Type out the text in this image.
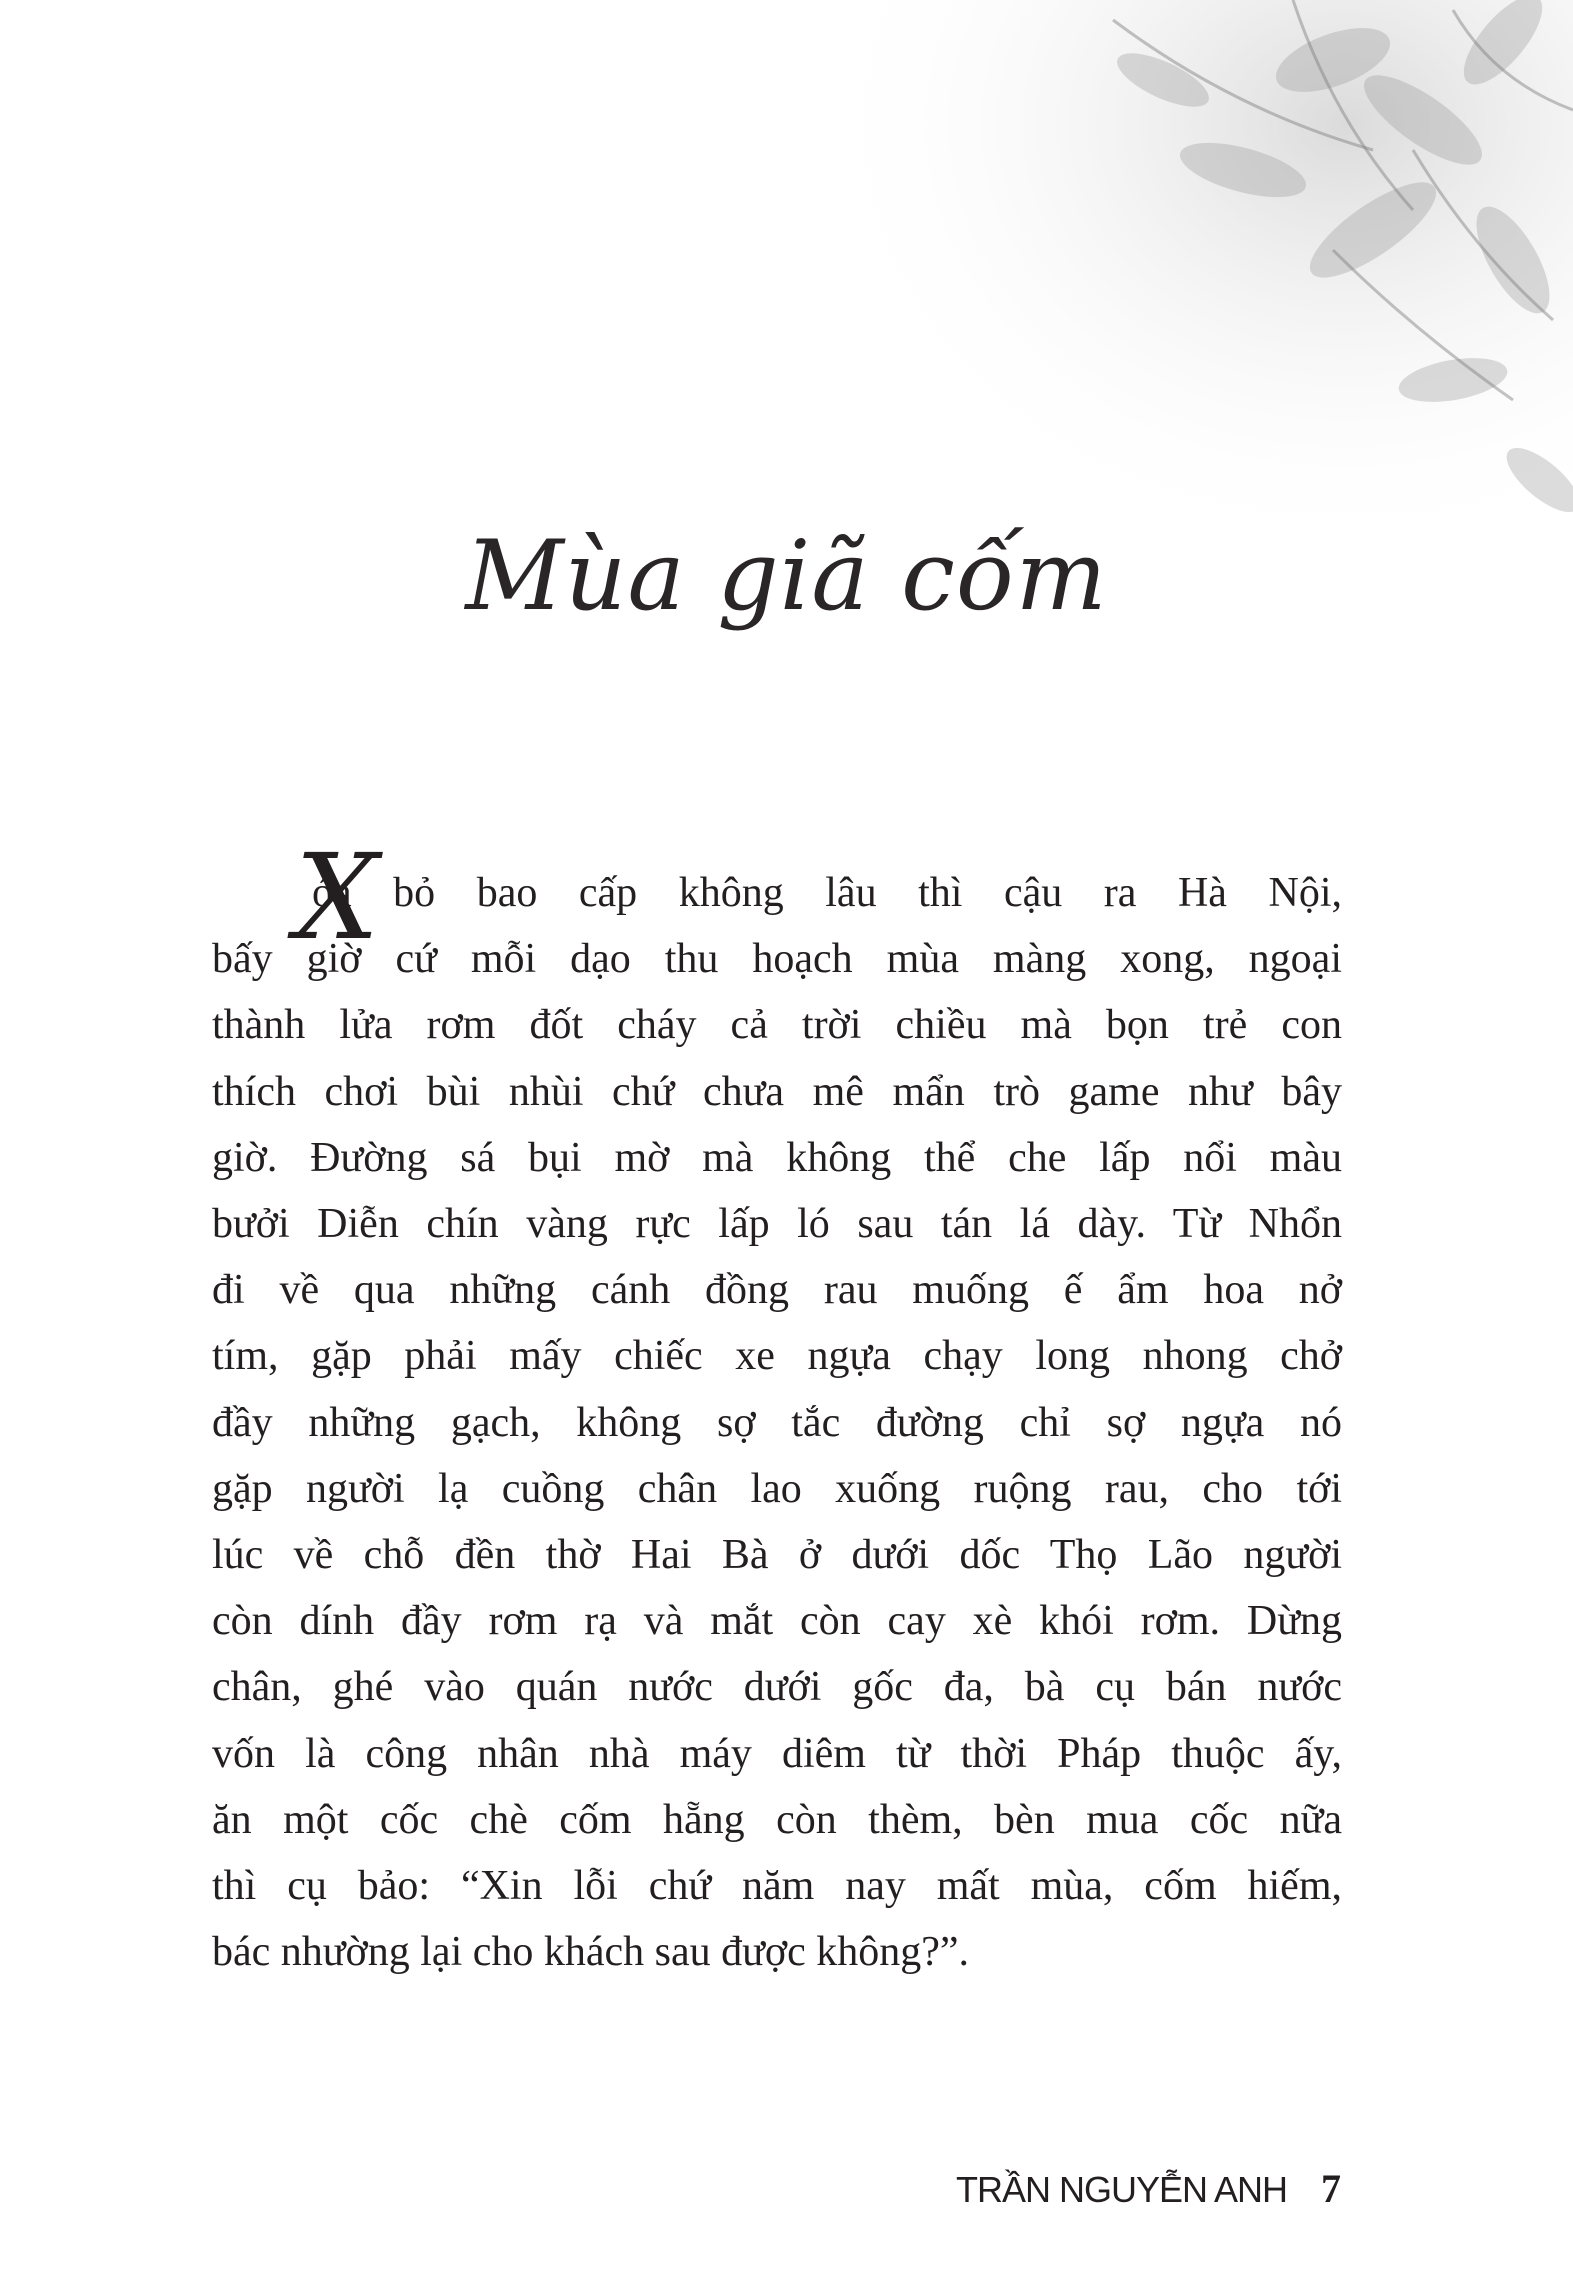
Mùa giã cốm
X
óa bỏ bao cấp không lâu thì cậu ra Hà Nội,
bấy giờ cứ mỗi dạo thu hoạch mùa màng xong, ngoại
thành lửa rơm đốt cháy cả trời chiều mà bọn trẻ con
thích chơi bùi nhùi chứ chưa mê mẩn trò game như bây
giờ. Đường sá bụi mờ mà không thể che lấp nổi màu
bưởi Diễn chín vàng rực lấp ló sau tán lá dày. Từ Nhổn
đi về qua những cánh đồng rau muống ế ẩm hoa nở
tím, gặp phải mấy chiếc xe ngựa chạy long nhong chở
đầy những gạch, không sợ tắc đường chỉ sợ ngựa nó
gặp người lạ cuồng chân lao xuống ruộng rau, cho tới
lúc về chỗ đền thờ Hai Bà ở dưới dốc Thọ Lão người
còn dính đầy rơm rạ và mắt còn cay xè khói rơm. Dừng
chân, ghé vào quán nước dưới gốc đa, bà cụ bán nước
vốn là công nhân nhà máy diêm từ thời Pháp thuộc ấy,
ăn một cốc chè cốm hẵng còn thèm, bèn mua cốc nữa
thì cụ bảo: “Xin lỗi chứ năm nay mất mùa, cốm hiếm,
bác nhường lại cho khách sau được không?”.
TRẦN NGUYỄN ANH 7
